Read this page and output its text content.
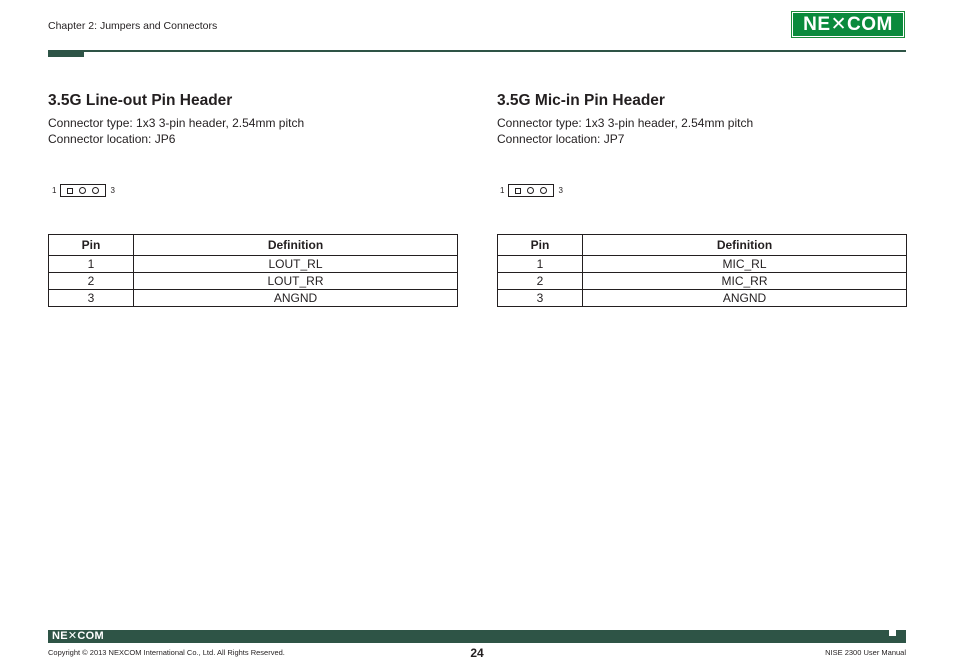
Chapter 2: Jumpers and Connectors	NE✕COM
3.5G Line-out Pin Header
Connector type: 1x3 3-pin header, 2.54mm pitch
Connector location: JP6
1	3
Pin	Definition
1	LOUT_RL
2	LOUT_RR
3	ANGND
3.5G Mic-in Pin Header
Connector type: 1x3 3-pin header, 2.54mm pitch
Connector location: JP7
1	3
Pin	Definition
1	MIC_RL
2	MIC_RR
3	ANGND
NE✕COM
Copyright © 2013 NEXCOM International Co., Ltd. All Rights Reserved.	24	NISE 2300 User Manual
